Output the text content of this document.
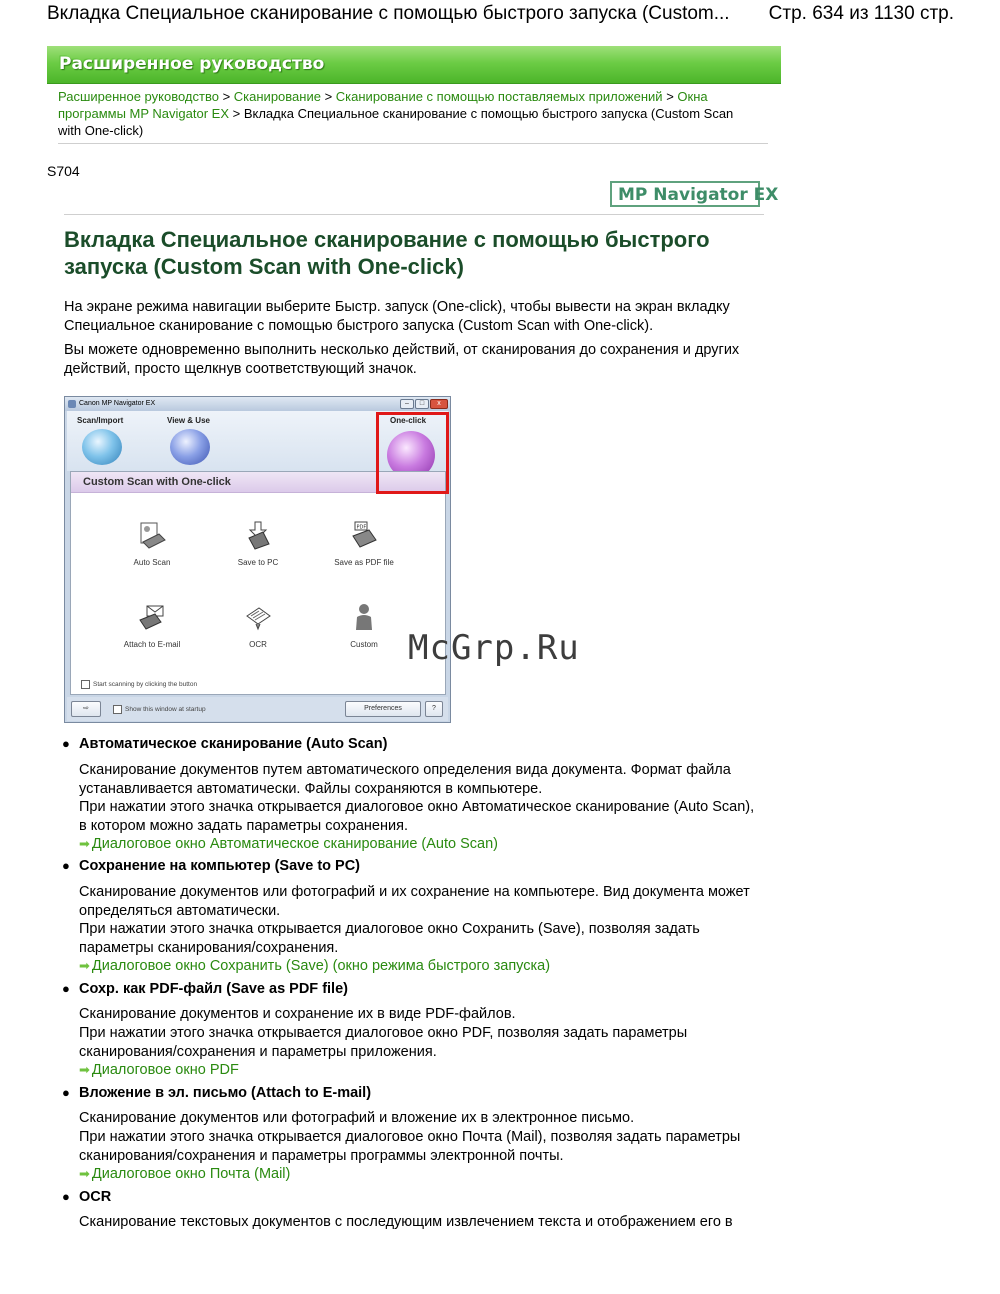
Вкладка Специальное сканирование с помощью быстрого запуска (Custom... Стр. 634 из 1130 стр.
Расширенное руководство
Расширенное руководство > Сканирование > Сканирование с помощью поставляемых приложений > Окна программы MP Navigator EX > Вкладка Специальное сканирование с помощью быстрого запуска (Custom Scan with One-click)
S704
MP Navigator EX
Вкладка Специальное сканирование с помощью быстрого запуска (Custom Scan with One-click)

На экране режима навигации выберите Быстр. запуск (One-click), чтобы вывести на экран вкладку Специальное сканирование с помощью быстрого запуска (Custom Scan with One-click).

Вы можете одновременно выполнить несколько действий, от сканирования до сохранения и других действий, просто щелкнув соответствующий значок.

Canon MP Navigator EX	–	□	x
Scan/Import	View & Use	One-click
Custom Scan with One-click
Auto Scan	Save to PC
PDF
Save as PDF file
Attach to E-mail	OCR	Custom
Start scanning by clicking the button
⇨	Show this window at startup	Preferences	?
McGrp.Ru
● Автоматическое сканирование (Auto Scan)
Сканирование документов путем автоматического определения вида документа. Формат файла устанавливается автоматически. Файлы сохраняются в компьютере.
При нажатии этого значка открывается диалоговое окно Автоматическое сканирование (Auto Scan), в котором можно задать параметры сохранения.
➡ Диалоговое окно Автоматическое сканирование (Auto Scan)
● Сохранение на компьютер (Save to PC)
Сканирование документов или фотографий и их сохранение на компьютере. Вид документа может определяться автоматически.
При нажатии этого значка открывается диалоговое окно Сохранить (Save), позволяя задать параметры сканирования/сохранения.
➡ Диалоговое окно Сохранить (Save) (окно режима быстрого запуска)
● Сохр. как PDF-файл (Save as PDF file)
Сканирование документов и сохранение их в виде PDF-файлов.
При нажатии этого значка открывается диалоговое окно PDF, позволяя задать параметры сканирования/сохранения и параметры приложения.
➡ Диалоговое окно PDF
● Вложение в эл. письмо (Attach to E-mail)
Сканирование документов или фотографий и вложение их в электронное письмо.
При нажатии этого значка открывается диалоговое окно Почта (Mail), позволяя задать параметры сканирования/сохранения и параметры программы электронной почты.
➡ Диалоговое окно Почта (Mail)
● OCR
Сканирование текстовых документов с последующим извлечением текста и отображением его в
